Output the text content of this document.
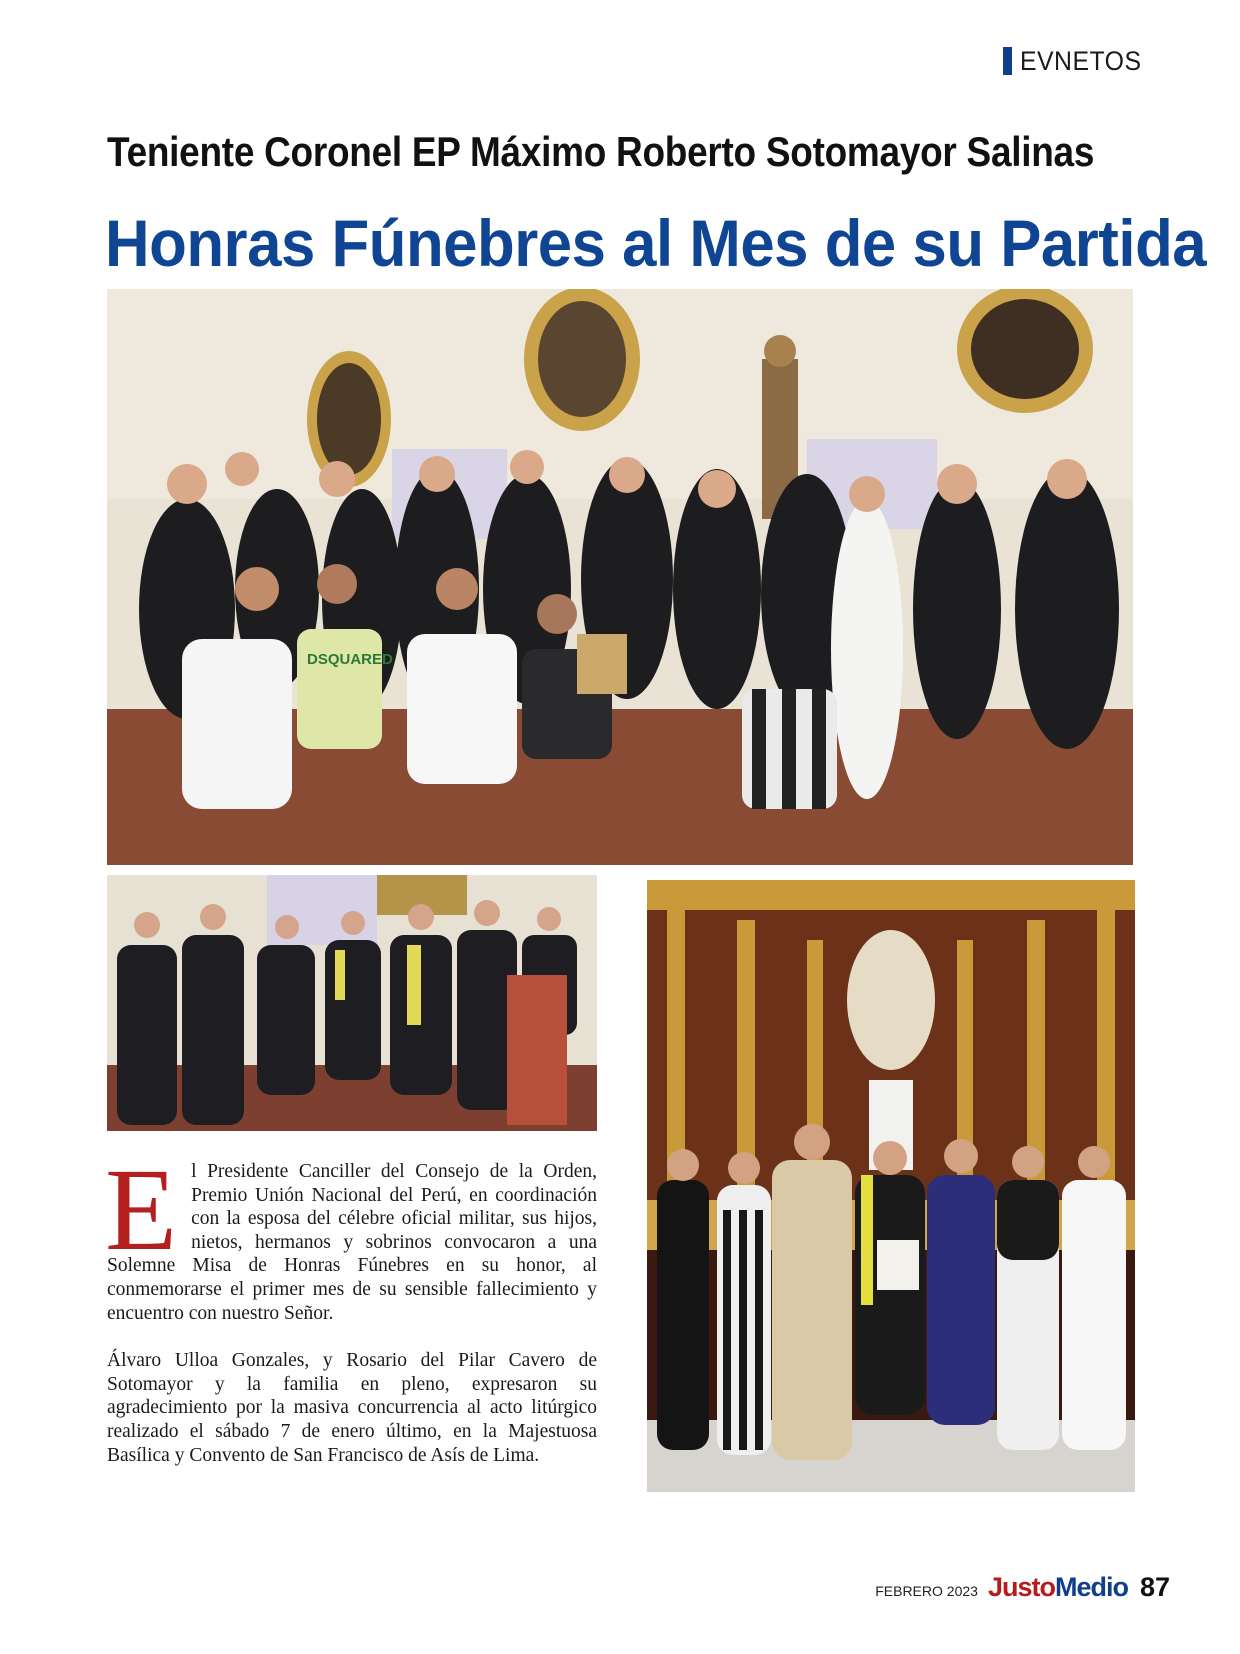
EVNETOS
Teniente Coronel EP Máximo Roberto Sotomayor Salinas
Honras Fúnebres al Mes de su Partida
DSQUARED

El Presidente Canciller del Consejo de la Orden, Premio Unión Nacional del Perú, en coordinación con la esposa del célebre oficial militar, sus hijos, nietos, hermanos y sobrinos convocaron a una Solemne Misa de Honras Fúnebres en su honor, al conmemorarse el primer mes de su sensible fallecimiento y encuentro con nuestro Señor.

Álvaro Ulloa Gonzales, y Rosario del Pilar Cavero de Sotomayor y la familia en pleno, expresaron su agradecimiento por la masiva concurrencia al acto litúrgico realizado el sábado 7 de enero último, en la Majestuosa Basílica y Convento de San Francisco de Asís de Lima.

FEBRERO 2023 Justo Medio 87
